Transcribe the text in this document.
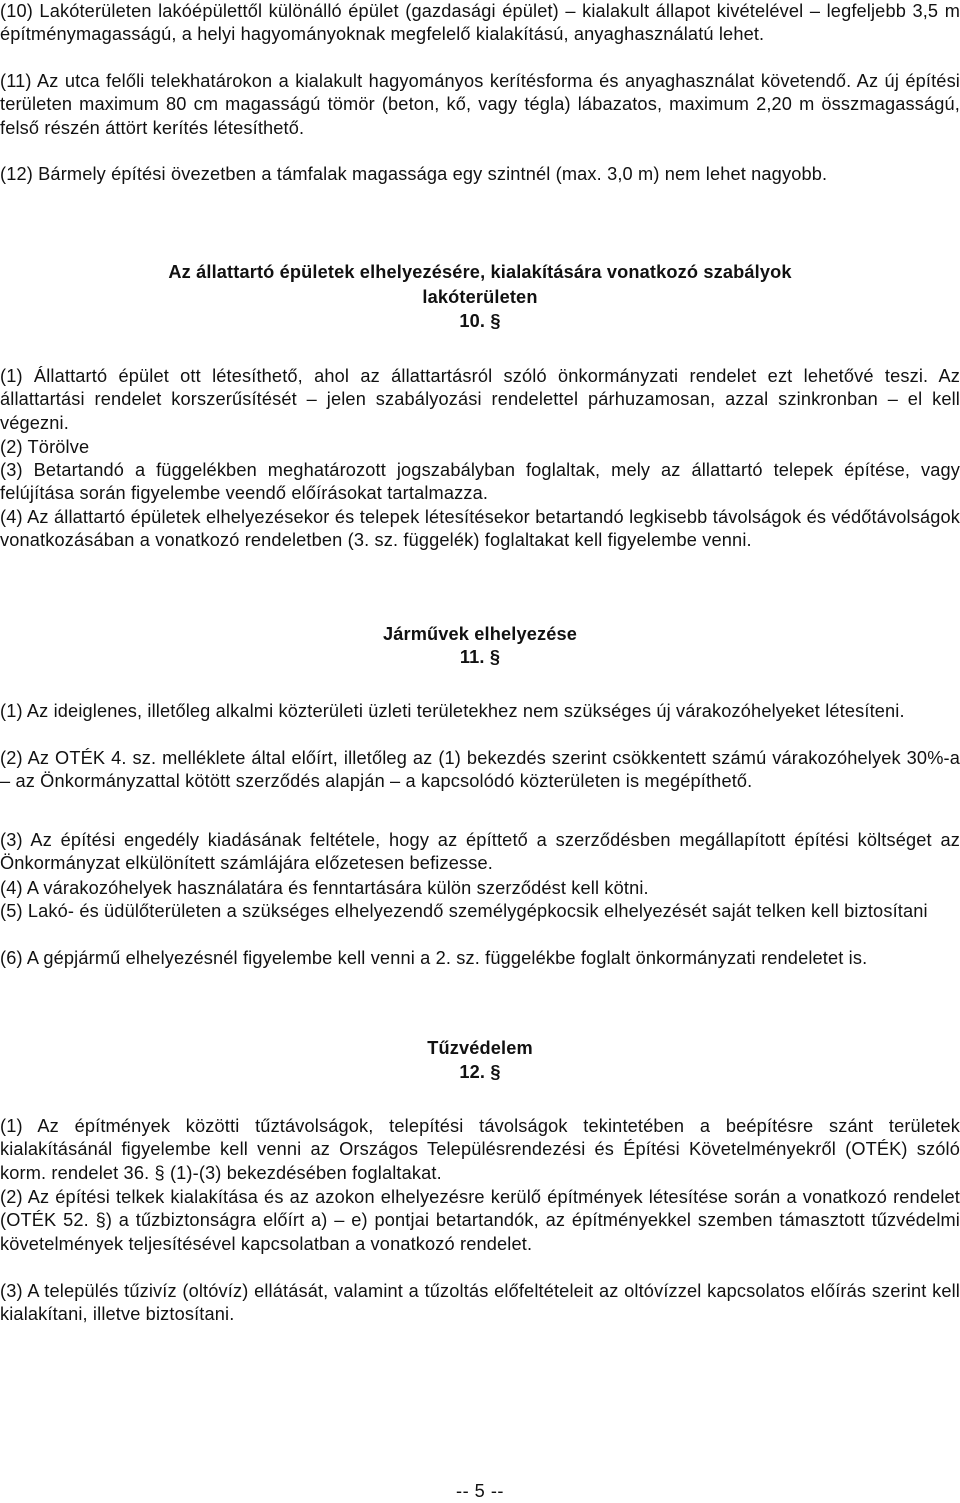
(10) Lakóterületen lakóépülettől különálló épület (gazdasági épület) – kialakult állapot kivételével – legfeljebb 3,5 m építménymagasságú, a helyi hagyományoknak megfelelő kialakítású, anyaghasználatú lehet.

(11) Az utca felőli telekhatárokon a kialakult hagyományos kerítésforma és anyaghasználat követendő. Az új építési területen maximum 80 cm magasságú tömör (beton, kő, vagy tégla) lábazatos, maximum 2,20 m összmagasságú, felső részén áttört kerítés létesíthető.

(12) Bármely építési övezetben a támfalak magassága egy szintnél (max. 3,0 m) nem lehet nagyobb.

Az állattartó épületek elhelyezésére, kialakítására vonatkozó szabályok
lakóterületen
10. §

(1) Állattartó épület ott létesíthető, ahol az állattartásról szóló önkormányzati rendelet ezt lehetővé teszi. Az állattartási rendelet korszerűsítését – jelen szabályozási rendelettel párhuzamosan, azzal szinkronban – el kell végezni.

(2) Törölve

(3) Betartandó a függelékben meghatározott jogszabályban foglaltak, mely az állattartó telepek építése, vagy felújítása során figyelembe veendő előírásokat tartalmazza.

(4) Az állattartó épületek elhelyezésekor és telepek létesítésekor betartandó legkisebb távolságok és védőtávolságok vonatkozásában a vonatkozó rendeletben (3. sz. függelék) foglaltakat kell figyelembe venni.

Járművek elhelyezése
11. §

(1) Az ideiglenes, illetőleg alkalmi közterületi üzleti területekhez nem szükséges új várakozóhelyeket létesíteni.

(2) Az OTÉK 4. sz. melléklete által előírt, illetőleg az (1) bekezdés szerint csökkentett számú várakozóhelyek 30%-a – az Önkormányzattal kötött szerződés alapján – a kapcsolódó közterületen is megépíthető.

(3) Az építési engedély kiadásának feltétele, hogy az építtető a szerződésben megállapított építési költséget az Önkormányzat elkülönített számlájára előzetesen befizesse.

(4) A várakozóhelyek használatára és fenntartására külön szerződést kell kötni.

(5) Lakó- és üdülőterületen a szükséges elhelyezendő személygépkocsik elhelyezését saját telken kell biztosítani

(6) A gépjármű elhelyezésnél figyelembe kell venni a 2. sz. függelékbe foglalt önkormányzati rendeletet is.

Tűzvédelem
12. §

(1) Az építmények közötti tűztávolságok, telepítési távolságok tekintetében a beépítésre szánt területek kialakításánál figyelembe kell venni az Országos Településrendezési és Építési Követelményekről (OTÉK) szóló korm. rendelet 36. § (1)-(3) bekezdésében foglaltakat.

(2) Az építési telkek kialakítása és az azokon elhelyezésre kerülő építmények létesítése során a vonatkozó rendelet (OTÉK 52. §) a tűzbiztonságra előírt a) – e) pontjai betartandók, az építményekkel szemben támasztott tűzvédelmi követelmények teljesítésével kapcsolatban a vonatkozó rendelet.

(3) A település tűzivíz (oltóvíz) ellátását, valamint a tűzoltás előfeltételeit az oltóvízzel kapcsolatos előírás szerint kell kialakítani, illetve biztosítani.

-- 5 --
